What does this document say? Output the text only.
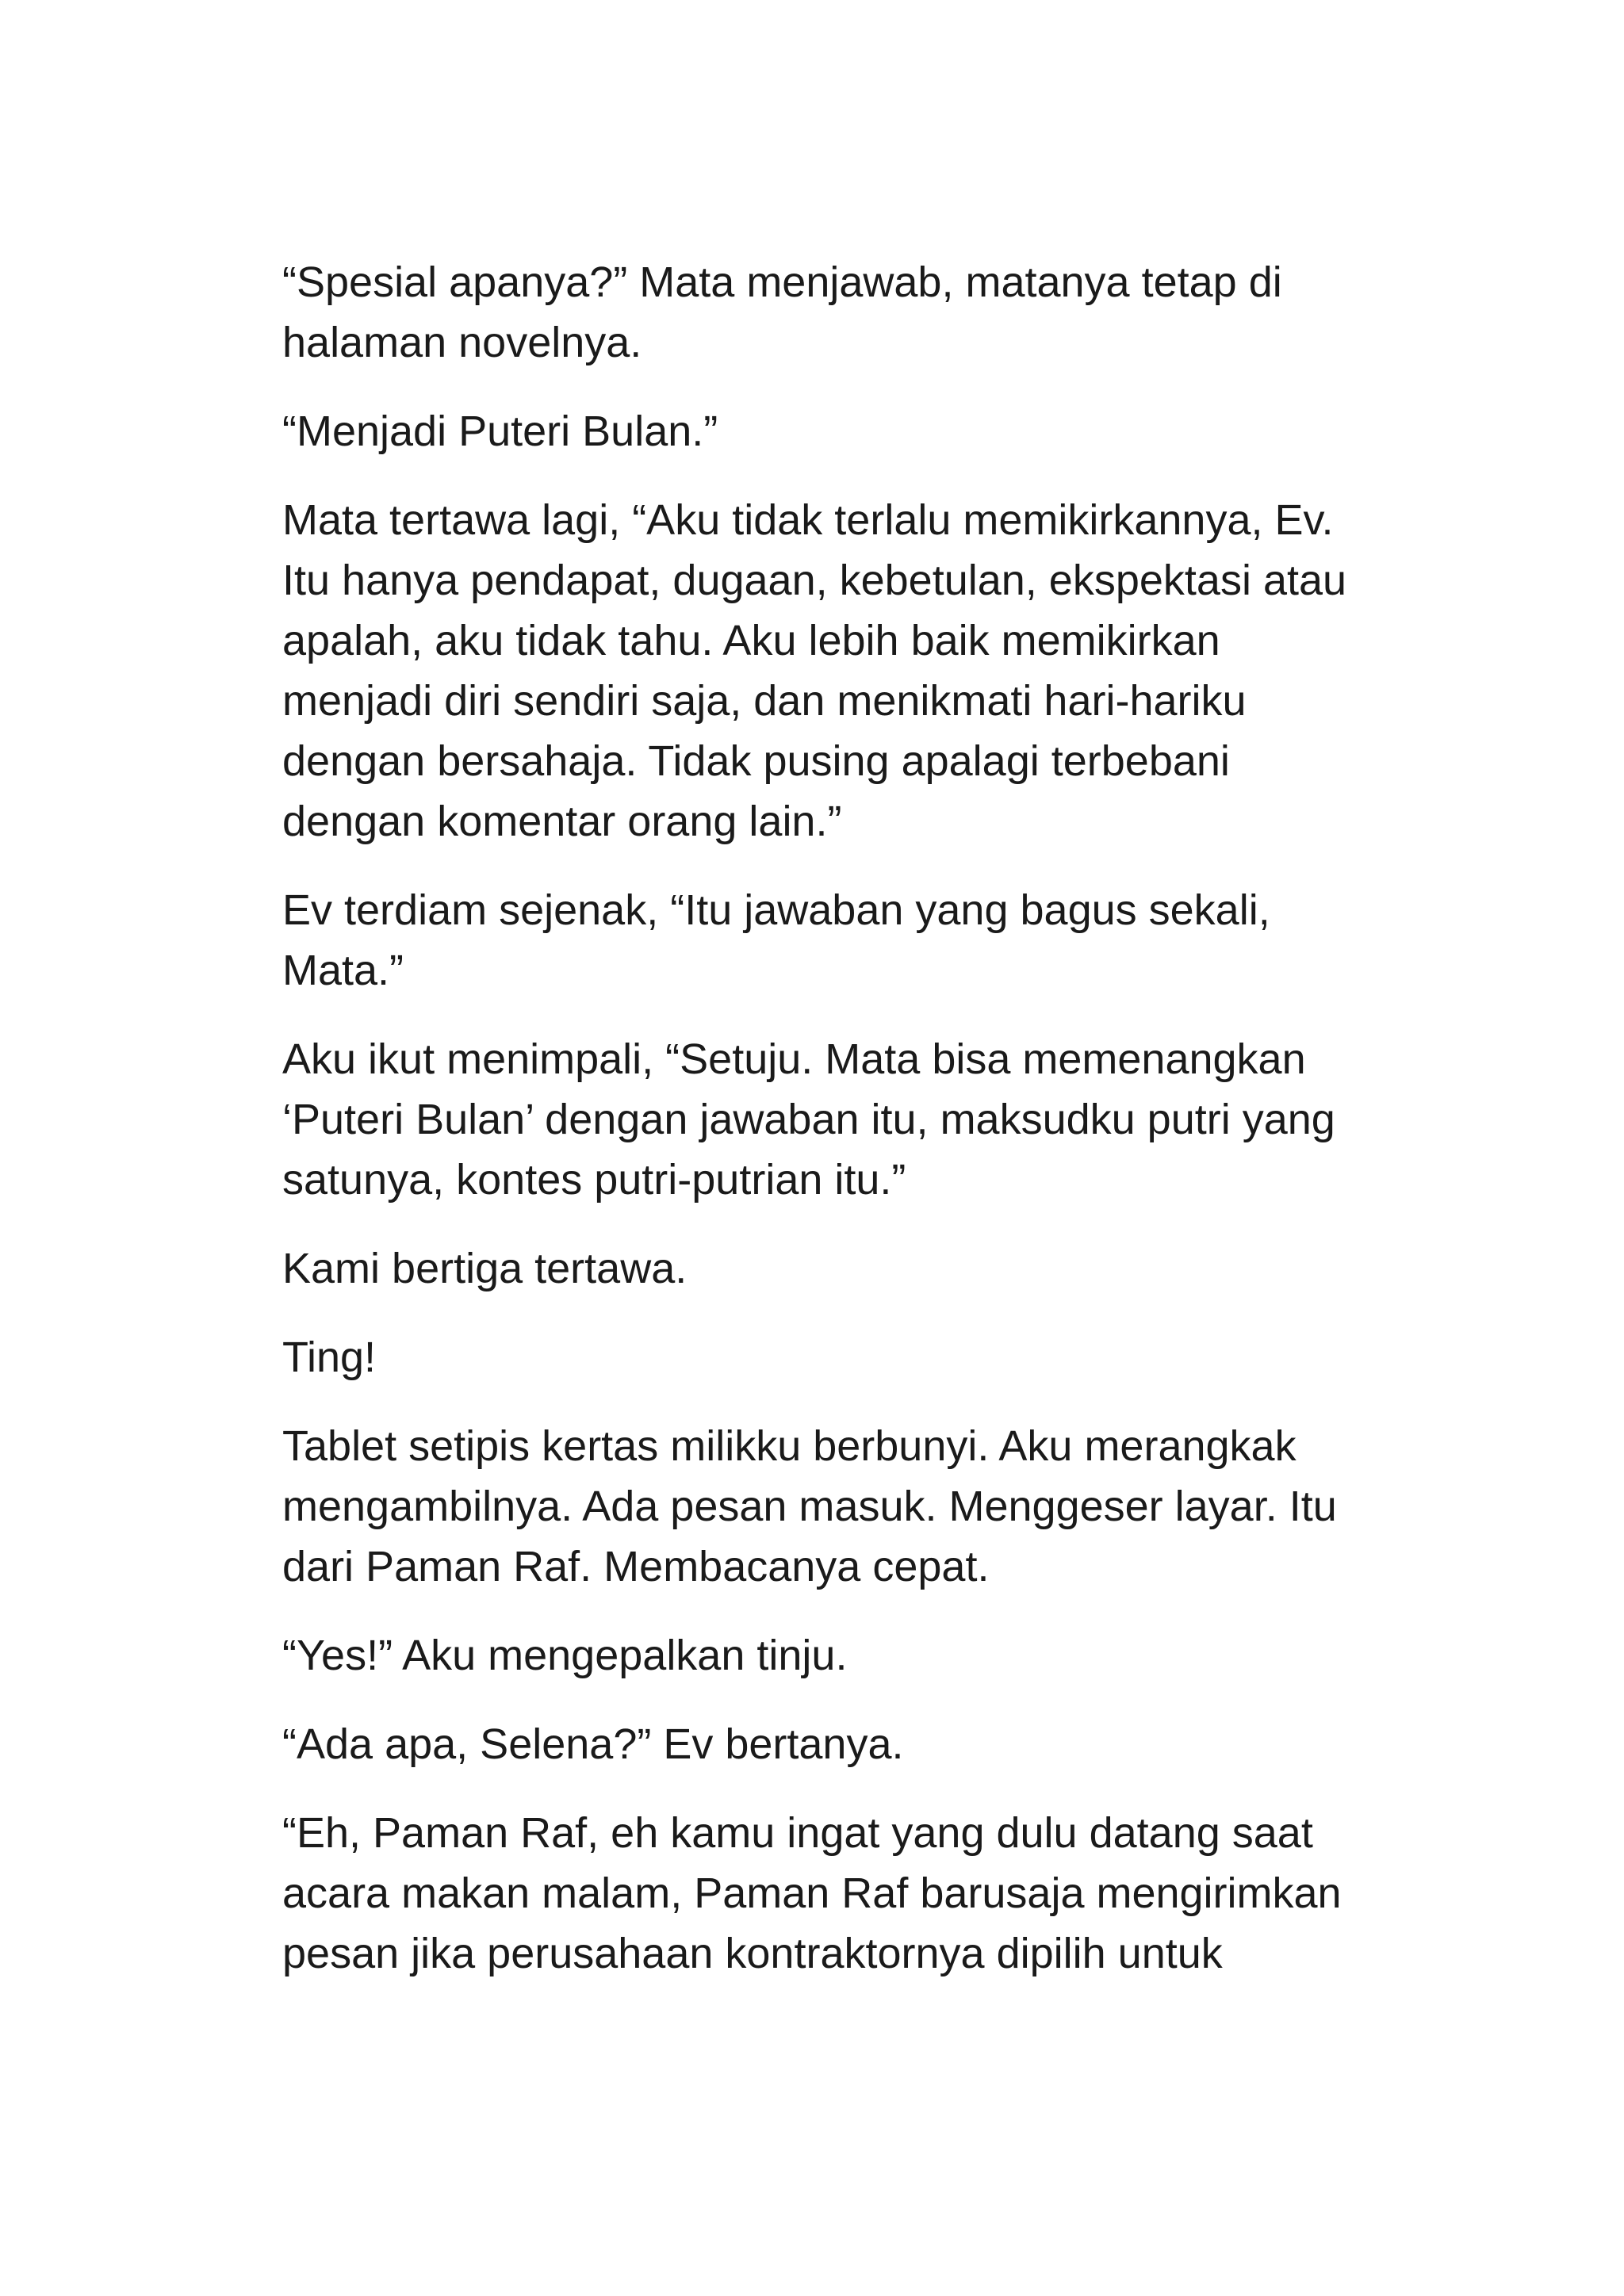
“Spesial apanya?” Mata menjawab, matanya tetap di
halaman novelnya.
“Menjadi Puteri Bulan.”
Mata tertawa lagi, “Aku tidak terlalu memikirkannya, Ev.
Itu hanya pendapat, dugaan, kebetulan, ekspektasi atau
apalah, aku tidak tahu. Aku lebih baik memikirkan
menjadi diri sendiri saja, dan menikmati hari-hariku
dengan bersahaja. Tidak pusing apalagi terbebani
dengan komentar orang lain.”
Ev terdiam sejenak, “Itu jawaban yang bagus sekali,
Mata.”
Aku ikut menimpali, “Setuju. Mata bisa memenangkan
‘Puteri Bulan’ dengan jawaban itu, maksudku putri yang
satunya, kontes putri-putrian itu.”
Kami bertiga tertawa.
Ting!
Tablet setipis kertas milikku berbunyi. Aku merangkak
mengambilnya. Ada pesan masuk. Menggeser layar. Itu
dari Paman Raf. Membacanya cepat.
“Yes!” Aku mengepalkan tinju.
“Ada apa, Selena?” Ev bertanya.
“Eh, Paman Raf, eh kamu ingat yang dulu datang saat
acara makan malam, Paman Raf barusaja mengirimkan
pesan jika perusahaan kontraktornya dipilih untuk
